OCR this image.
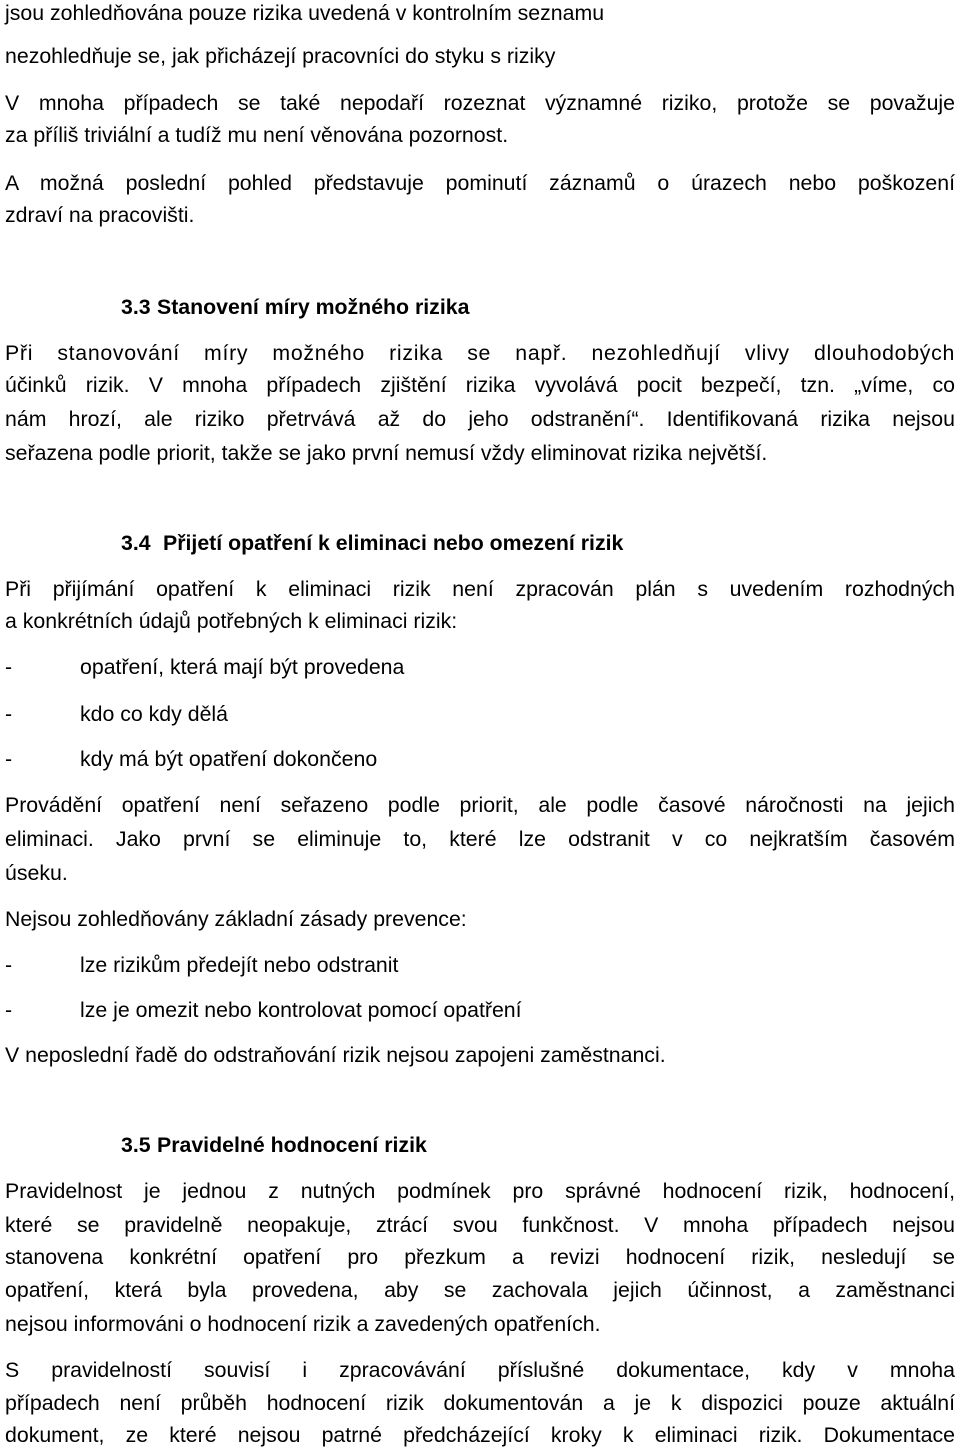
jsou zohledňována pouze rizika uvedená v kontrolním seznamu
nezohledňuje se, jak přicházejí pracovníci do styku s riziky
V mnoha případech se také nepodaří rozeznat významné riziko, protože se považuje
za příliš triviální a tudíž mu není věnována pozornost.
A možná poslední pohled představuje pominutí záznamů o úrazech nebo poškození
zdraví na pracovišti.
3.3 Stanovení míry možného rizika
Při stanovování míry možného rizika se např. nezohledňují vlivy dlouhodobých
účinků rizik. V mnoha případech zjištění rizika vyvolává pocit bezpečí, tzn. „víme, co
nám hrozí, ale riziko přetrvává až do jeho odstranění“. Identifikovaná rizika nejsou
seřazena podle priorit, takže se jako první nemusí vždy eliminovat rizika největší.
3.4 Přijetí opatření k eliminaci nebo omezení rizik
Při přijímání opatření k eliminaci rizik není zpracován plán s uvedením rozhodných
a konkrétních údajů potřebných k eliminaci rizik:
-	opatření, která mají být provedena
-	kdo co kdy dělá
-	kdy má být opatření dokončeno
Provádění opatření není seřazeno podle priorit, ale podle časové náročnosti na jejich
eliminaci. Jako první se eliminuje to, které lze odstranit v co nejkratším časovém
úseku.
Nejsou zohledňovány základní zásady prevence:
-	lze rizikům předejít nebo odstranit
-	lze je omezit nebo kontrolovat pomocí opatření
V neposlední řadě do odstraňování rizik nejsou zapojeni zaměstnanci.
3.5 Pravidelné hodnocení rizik
Pravidelnost je jednou z nutných podmínek pro správné hodnocení rizik, hodnocení,
které se pravidelně neopakuje, ztrácí svou funkčnost. V mnoha případech nejsou
stanovena konkrétní opatření pro přezkum a revizi hodnocení rizik, nesledují se
opatření, která byla provedena, aby se zachovala jejich účinnost, a zaměstnanci
nejsou informováni o hodnocení rizik a zavedených opatřeních.
S pravidelností souvisí i zpracovávání příslušné dokumentace, kdy v mnoha
případech není průběh hodnocení rizik dokumentován a je k dispozici pouze aktuální
dokument, ze které nejsou patrné předcházející kroky k eliminaci rizik. Dokumentace
